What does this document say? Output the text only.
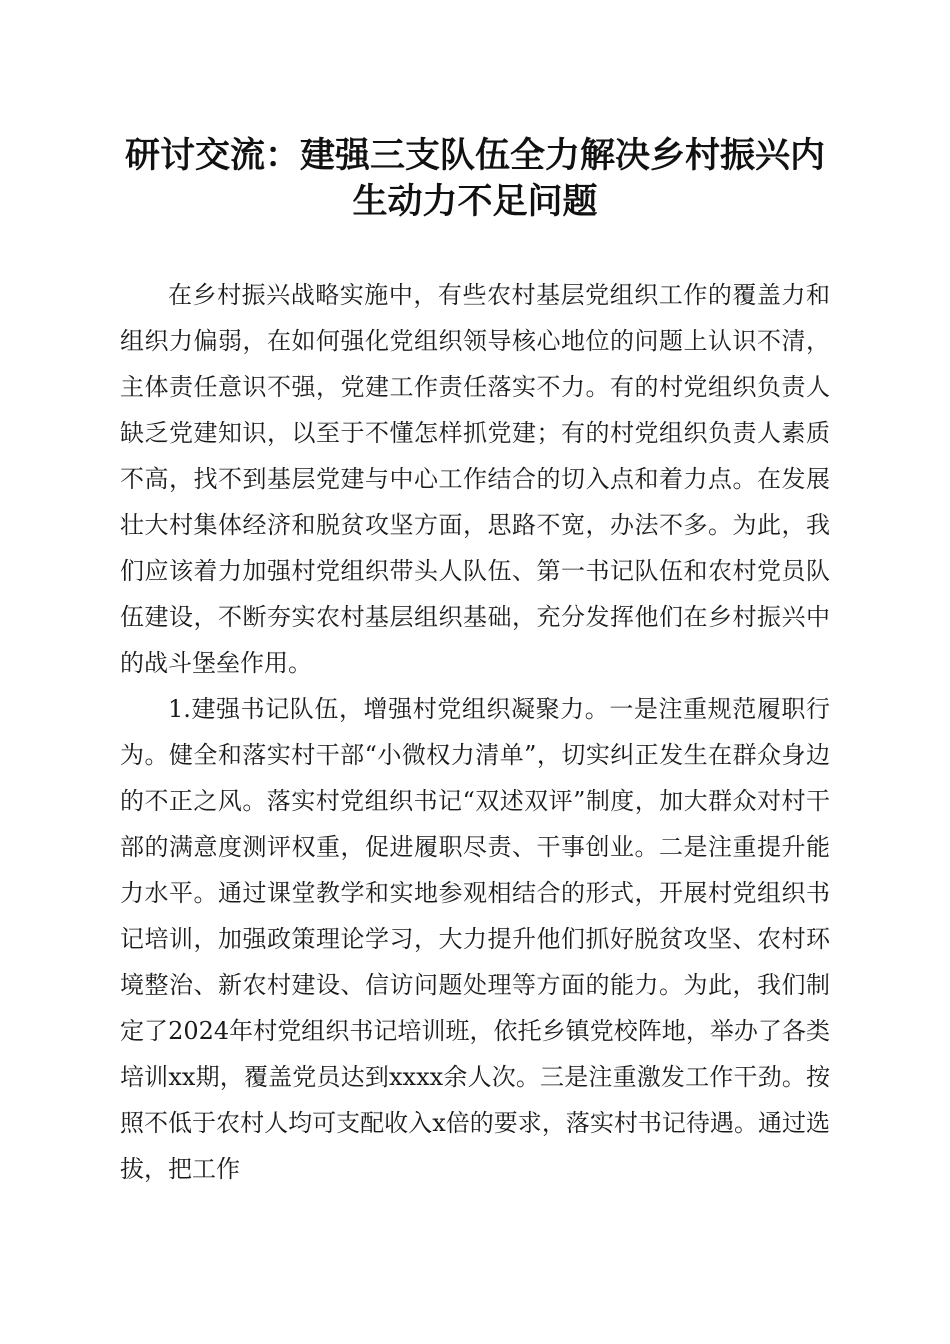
研讨交流：建强三支队伍全力解决乡村振兴内
生动力不足问题

在乡村振兴战略实施中，有些农村基层党组织工作的覆盖力和组织力偏弱，在如何强化党组织领导核心地位的问题上认识不清，主体责任意识不强，党建工作责任落实不力。有的村党组织负责人缺乏党建知识，以至于不懂怎样抓党建；有的村党组织负责人素质不高，找不到基层党建与中心工作结合的切入点和着力点。在发展壮大村集体经济和脱贫攻坚方面，思路不宽，办法不多。为此，我们应该着力加强村党组织带头人队伍、第一书记队伍和农村党员队伍建设，不断夯实农村基层组织基础，充分发挥他们在乡村振兴中的战斗堡垒作用。

1.建强书记队伍，增强村党组织凝聚力。一是注重规范履职行为。健全和落实村干部“小微权力清单”，切实纠正发生在群众身边的不正之风。落实村党组织书记“双述双评”制度，加大群众对村干部的满意度测评权重，促进履职尽责、干事创业。二是注重提升能力水平。通过课堂教学和实地参观相结合的形式，开展村党组织书记培训，加强政策理论学习，大力提升他们抓好脱贫攻坚、农村环境整治、新农村建设、信访问题处理等方面的能力。为此，我们制定了2024年村党组织书记培训班，依托乡镇党校阵地，举办了各类培训xx期，覆盖党员达到xxxx余人次。三是注重激发工作干劲。按照不低于农村人均可支配收入x倍的要求，落实村书记待遇。通过选拔，把工作
